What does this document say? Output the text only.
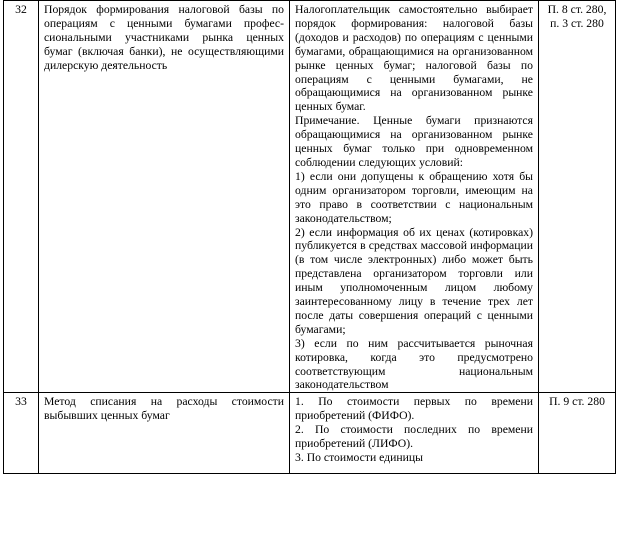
32	Порядок формирования налоговой базы по операциям с ценными бумагами профес-сиональными участниками рынка ценных бумаг (включая банки), не осуществляющими дилерскую деятельность	Налогоплательщик самостоятельно выбирает порядок формирования: налоговой базы (доходов и расходов) по операциям с ценными бумагами, обращающимися на организованном рынке ценных бумаг; налоговой базы по операциям с ценными бумагами, не обращающимися на организованном рынке ценных бумаг.

Примечание. Ценные бумаги признаются обращающимися на организованном рынке ценных бумаг только при одновременном соблюдении следующих условий:

1) если они допущены к обращению хотя бы одним организатором торговли, имеющим на это право в соответствии с национальным законодательством;

2) если информация об их ценах (котировках) публикуется в средствах массовой информации (в том числе электронных) либо может быть представлена организатором торговли или иным уполномоченным лицом любому заинтересованному лицу в течение трех лет после даты совершения операций с ценными бумагами;

3) если по ним рассчитывается рыночная котировка, когда это предусмотрено соответствующим национальным законодательством	П. 8 ст. 280, п. 3 ст. 280
33	Метод списания на расходы стоимости выбывших ценных бумаг	1. По стоимости первых по времени приобретений (ФИФО).

2. По стоимости последних по времени приобретений (ЛИФО).

3. По стоимости единицы	П. 9 ст. 280
